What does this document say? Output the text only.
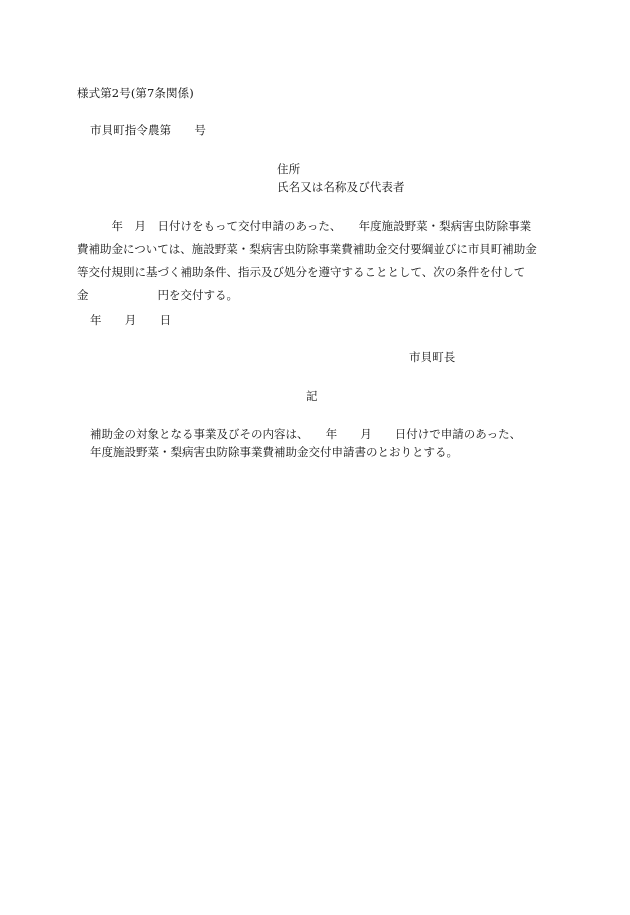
様式第2号(第7条関係)
市貝町指令農第　　号
住所
氏名又は名称及び代表者
　　　年　月　日付けをもって交付申請のあった、　　年度施設野菜・梨病害虫防除事業
費補助金については、施設野菜・梨病害虫防除事業費補助金交付要綱並びに市貝町補助金
等交付規則に基づく補助条件、指示及び処分を遵守することとして、次の条件を付して
金　　　　　　円を交付する。
年　　月　　日
市貝町長
記
補助金の対象となる事業及びその内容は、　　年　　月　　日付けで申請のあった、
年度施設野菜・梨病害虫防除事業費補助金交付申請書のとおりとする。
